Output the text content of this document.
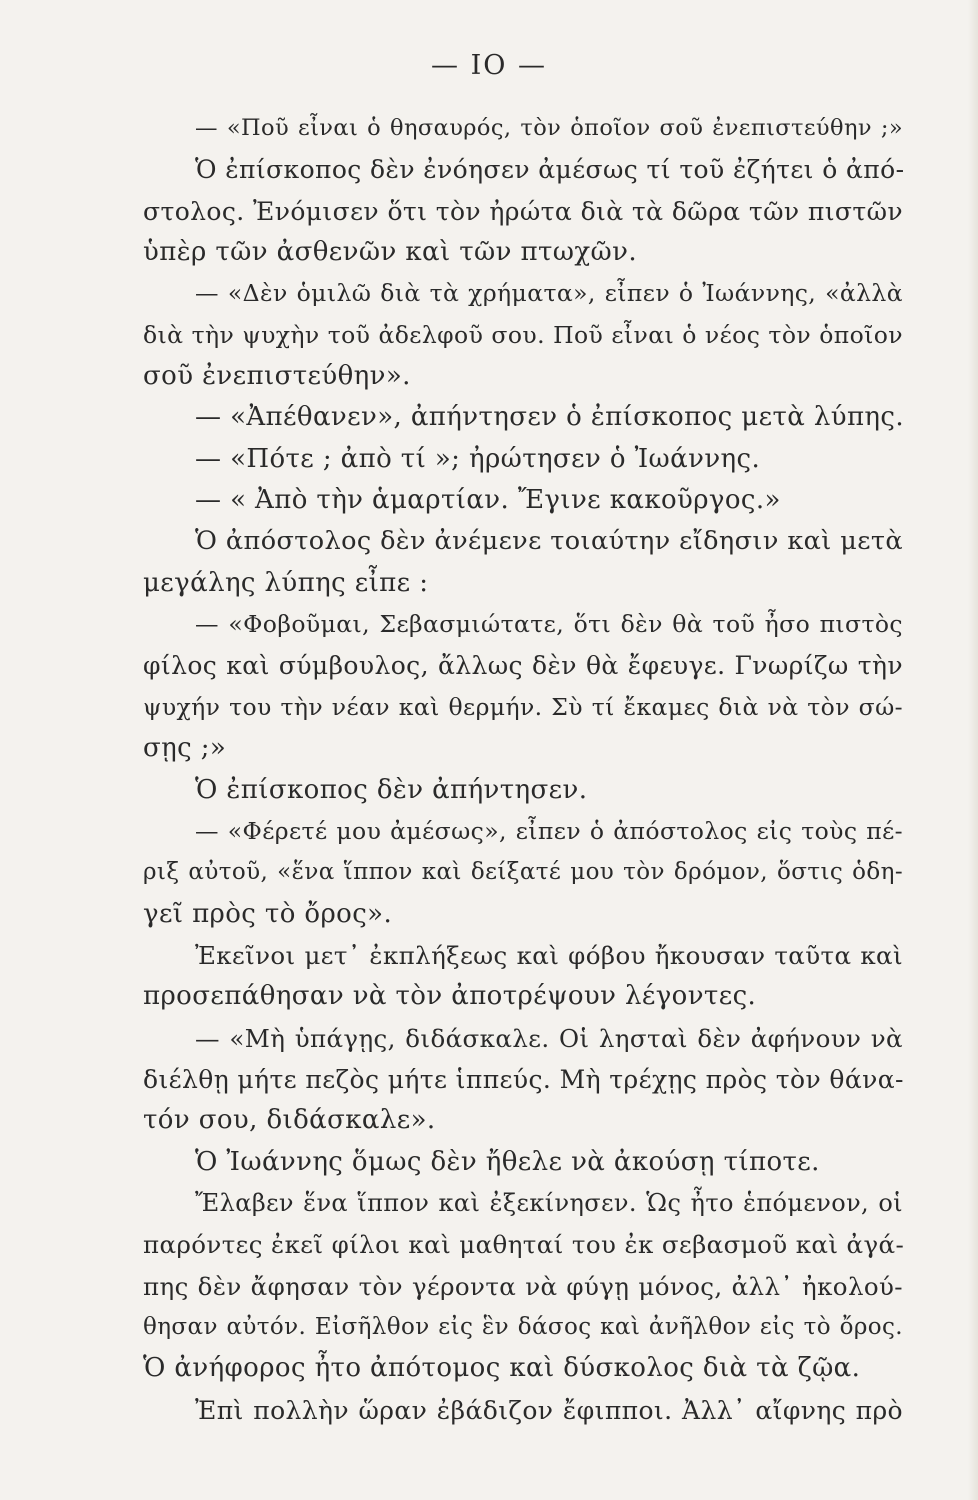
— IO —
— «Ποῦ εἶναι ὁ θησαυρός, τὸν ὁποῖον σοῦ ἐνεπιστεύθην ;»
Ὁ ἐπίσκοπος δὲν ἐνόησεν ἀμέσως τί τοῦ ἐζήτει ὁ ἀπό-
στολος. Ἐνόμισεν ὅτι τὸν ἠρώτα διὰ τὰ δῶρα τῶν πιστῶν
ὑπὲρ τῶν ἀσθενῶν καὶ τῶν πτωχῶν.
— «Δὲν ὁμιλῶ διὰ τὰ χρήματα», εἶπεν ὁ Ἰωάννης, «ἀλλὰ
διὰ τὴν ψυχὴν τοῦ ἀδελφοῦ σου. Ποῦ εἶναι ὁ νέος τὸν ὁποῖον
σοῦ ἐνεπιστεύθην».
— «Ἀπέθανεν», ἀπήντησεν ὁ ἐπίσκοπος μετὰ λύπης.
— «Πότε ; ἀπὸ τί »; ἠρώτησεν ὁ Ἰωάννης.
— « Ἀπὸ τὴν ἁμαρτίαν. Ἔγινε κακοῦργος.»
Ὁ ἀπόστολος δὲν ἀνέμενε τοιαύτην εἴδησιν καὶ μετὰ
μεγάλης λύπης εἶπε :
— «Φοβοῦμαι, Σεβασμιώτατε, ὅτι δὲν θὰ τοῦ ἦσο πιστὸς
φίλος καὶ σύμβουλος, ἄλλως δὲν θὰ ἔφευγε. Γνωρίζω τὴν
ψυχήν του τὴν νέαν καὶ θερμήν. Σὺ τί ἔκαμες διὰ νὰ τὸν σώ-
σῃς ;»
Ὁ ἐπίσκοπος δὲν ἀπήντησεν.
— «Φέρετέ μου ἀμέσως», εἶπεν ὁ ἀπόστολος εἰς τοὺς πέ-
ριξ αὐτοῦ, «ἕνα ἵππον καὶ δείξατέ μου τὸν δρόμον, ὅστις ὁδη-
γεῖ πρὸς τὸ ὄρος».
Ἐκεῖνοι μετ᾿ ἐκπλήξεως καὶ φόβου ἤκουσαν ταῦτα καὶ
προσεπάθησαν νὰ τὸν ἀποτρέψουν λέγοντες.
— «Μὴ ὑπάγῃς, διδάσκαλε. Οἱ λησταὶ δὲν ἀφήνουν νὰ
διέλθῃ μήτε πεζὸς μήτε ἱππεύς. Μὴ τρέχῃς πρὸς τὸν θάνα-
τόν σου, διδάσκαλε».
Ὁ Ἰωάννης ὅμως δὲν ἤθελε νὰ ἀκούσῃ τίποτε.
Ἔλαβεν ἕνα ἵππον καὶ ἐξεκίνησεν. Ὡς ἦτο ἑπόμενον, οἱ
παρόντες ἐκεῖ φίλοι καὶ μαθηταί του ἐκ σεβασμοῦ καὶ ἀγά-
πης δὲν ἄφησαν τὸν γέροντα νὰ φύγῃ μόνος, ἀλλ᾿ ἠκολού-
θησαν αὐτόν. Εἰσῆλθον εἰς ἓν δάσος καὶ ἀνῆλθον εἰς τὸ ὄρος.
Ὁ ἀνήφορος ἦτο ἀπότομος καὶ δύσκολος διὰ τὰ ζῷα.
Ἐπὶ πολλὴν ὥραν ἐβάδιζον ἔφιπποι. Ἀλλ᾿ αἴφνης πρὸ
